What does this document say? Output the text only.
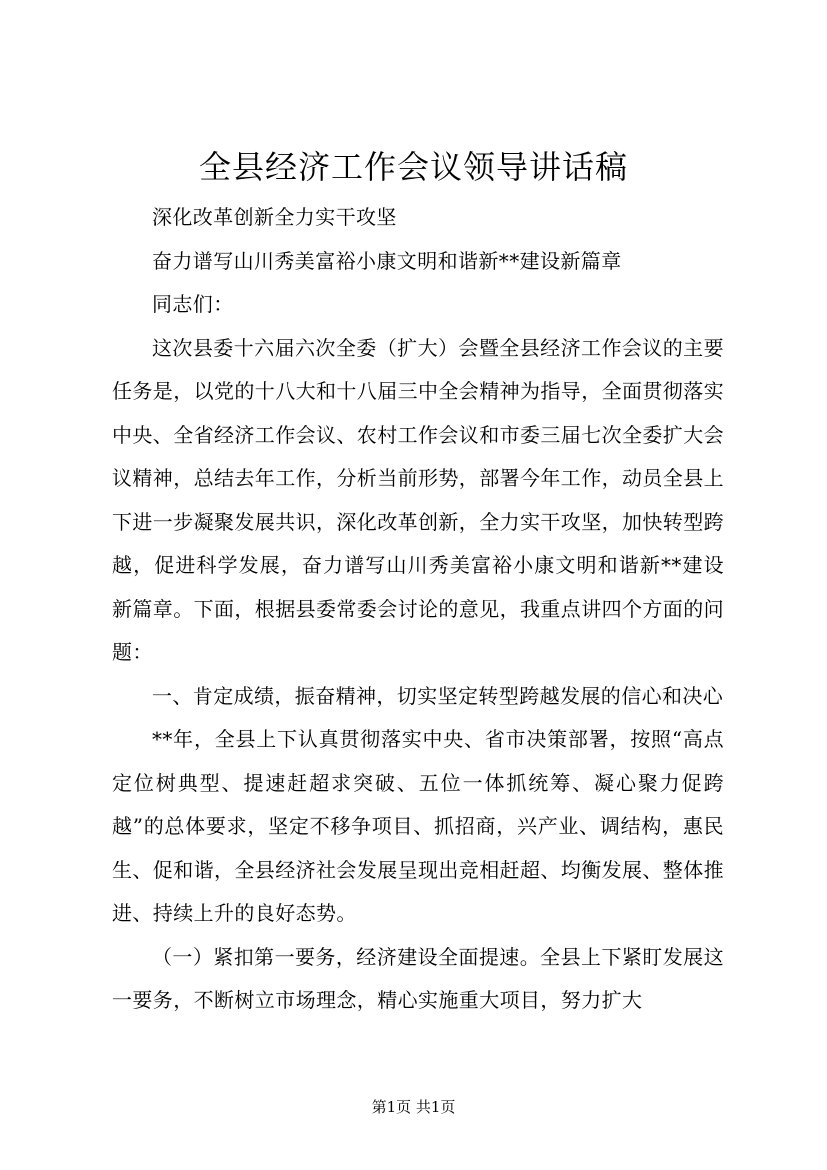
全县经济工作会议领导讲话稿

深化改革创新全力实干攻坚

奋力谱写山川秀美富裕小康文明和谐新**建设新篇章

同志们：

这次县委十六届六次全委（扩大）会暨全县经济工作会议的主要任务是，以党的十八大和十八届三中全会精神为指导，全面贯彻落实中央、全省经济工作会议、农村工作会议和市委三届七次全委扩大会议精神，总结去年工作，分析当前形势，部署今年工作，动员全县上下进一步凝聚发展共识，深化改革创新，全力实干攻坚，加快转型跨越，促进科学发展，奋力谱写山川秀美富裕小康文明和谐新**建设新篇章。下面，根据县委常委会讨论的意见，我重点讲四个方面的问题：

一、肯定成绩，振奋精神，切实坚定转型跨越发展的信心和决心

**年，全县上下认真贯彻落实中央、省市决策部署，按照“高点定位树典型、提速赶超求突破、五位一体抓统筹、凝心聚力促跨越”的总体要求，坚定不移争项目、抓招商，兴产业、调结构，惠民生、促和谐，全县经济社会发展呈现出竞相赶超、均衡发展、整体推进、持续上升的良好态势。

（一）紧扣第一要务，经济建设全面提速。全县上下紧盯发展这一要务，不断树立市场理念，精心实施重大项目，努力扩大

第1页 共1页
